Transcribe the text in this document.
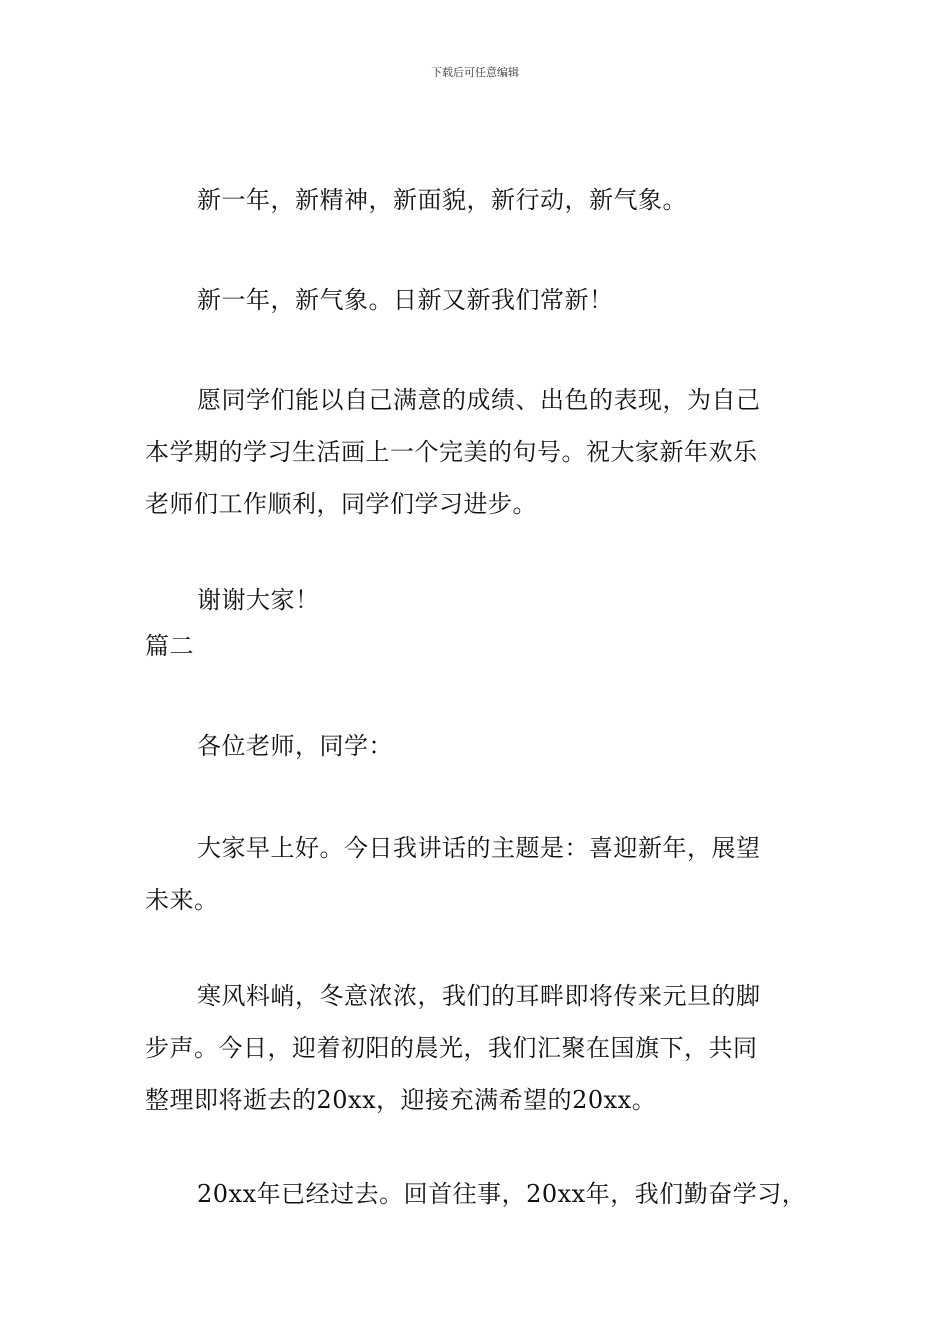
下载后可任意编辑
新一年，新精神，新面貌，新行动，新气象。
新一年，新气象。日新又新我们常新！
愿同学们能以自己满意的成绩、出色的表现，为自己
本学期的学习生活画上一个完美的句号。祝大家新年欢乐
老师们工作顺利，同学们学习进步。
谢谢大家！
篇二
各位老师，同学：
大家早上好。今日我讲话的主题是：喜迎新年，展望
未来。
寒风料峭，冬意浓浓，我们的耳畔即将传来元旦的脚
步声。今日，迎着初阳的晨光，我们汇聚在国旗下，共同
整理即将逝去的20xx，迎接充满希望的20xx。
20xx年已经过去。回首往事，20xx年，我们勤奋学习，
